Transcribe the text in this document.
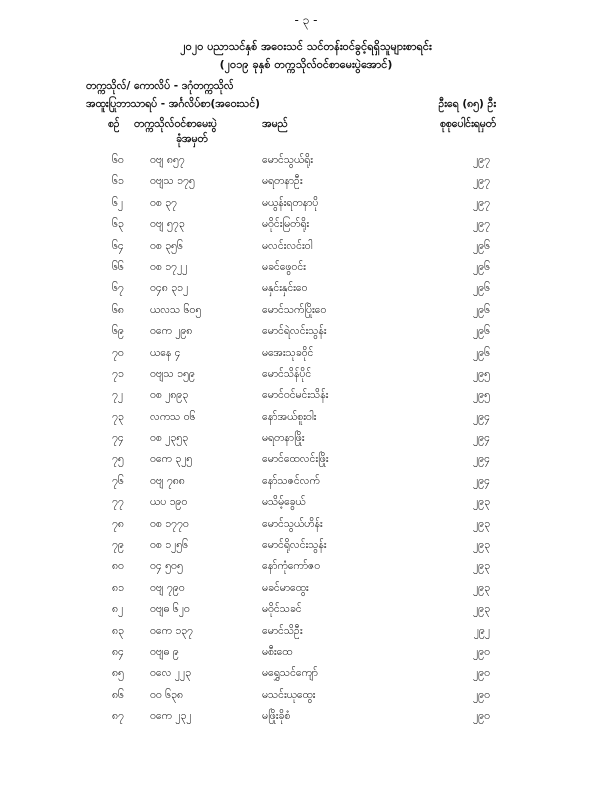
- ၃ -
၂၀၂၀ ပညာသင်နှစ် အဝေးသင် သင်တန်းဝင်ခွင့်ရရှိသူများစာရင်း
(၂၀၁၉ ခုနှစ် တက္ကသိုလ်ဝင်စာမေးပွဲအောင်)
တက္ကသိုလ်/ ကောလိပ် - ဒဂုံတက္ကသိုလ်
အထူးပြုဘာသာရပ် - အင်္ဂလိပ်စာ(အဝေးသင်)	ဦးရေ (၈၅) ဦး
စဉ် တက္ကသိုလ်ဝင်စာမေးပွဲ
ခုံအမှတ်
အမည်	စုစုပေါင်းရမှတ်
၆၀ ဝဗျ ၈၅၇	မောင်သွယ်ရိုး	၂၉၇
၆၁ ဝဗျသ ၁၇၅	မရတနာဦး	၂၉၇
၆၂	ဝစ ၃၇	မယွန်းရတနာပို	၂၉၇
၆၃ ဝဗျ ၅၇၃	မဝိုင်းမြတ်ရိုး	၂၉၇
၆၄ ဝစ ၃၅၆	မလင်းလင်းဝါ	၂၉၆
၆၆ ဝစ ၁၇၂၂	မခင်ဖွေဝင်း	၂၉၆
၆၇ ဝ၄၈ ၃၁၂	မနှင်းနှင်းဝေ	၂၉၆
၆၈ ယလသ ၆၀၅	မောင်သက်ပြိုးဝေ	၂၉၆
၆၉ ဝကေ ၂၉၈	မောင်ရဲလင်းသွန်း	၂၉၆
၇၀ ယနေ ၄	မအေးသုခဝိုင်	၂၉၆
၇၁ ဝဗျသ ၁၅၉	မောင်သိန်ပိုင်	၂၉၅
၇၂	ဝစ ၂၈၉၃	မောင်ဝင်မင်းသိန်း	၂၉၅
၇၃ လကသ ၀၆	နော်အယ်စူးဝါး	၂၉၄
၇၄ ဝစ ၂၃၅၃	မရတနာဖြိုး	၂၉၄
၇၅ ဝကေ ၃၂၅	မောင်ထေလင်းဖြိုး	၂၉၄
၇၆ ဝဗျ ၇၈၈	နော်သဇင်လက်	၂၉၄
၇၇ ယပ ၁၉၀	မသိမ့်ခွေယ်	၂၉၃
၇၈ ဝစ ၁၇၇၀	မောင်သွယ်ဟိန်း	၂၉၃
၇၉ ဝစ ၁၂၅၆	မောင်ရိုလင်းသွန်း	၂၉၃
၈၀ ဝ၄ ၅၀၅	နော်ကုံကော်ဇဝ	၂၉၃
၈၁ ဝဗျ ၇၉၀	မခင်မာထွေး	၂၉၃
၈၂	ဝဗျဓ ၆၂၀	မဝိုင်သခင်	၂၉၃
၈၃ ဝကေ ၁၃၇	မောင်သိဦး	၂၉၂
၈၄ ဝဗျဓ ၉	မစီးထေ	၂၉၀
၈၅ ဝလေ ၂၂၃	မရွှေသင်ကျော်	၂၉၀
၈၆ ဝ၀ ၆၃၈	မသင်းယုထွေး	၂၉၀
၈၇ ဝကေ ၂၃၂	မဖြိုးခိုစံ	၂၉၀
